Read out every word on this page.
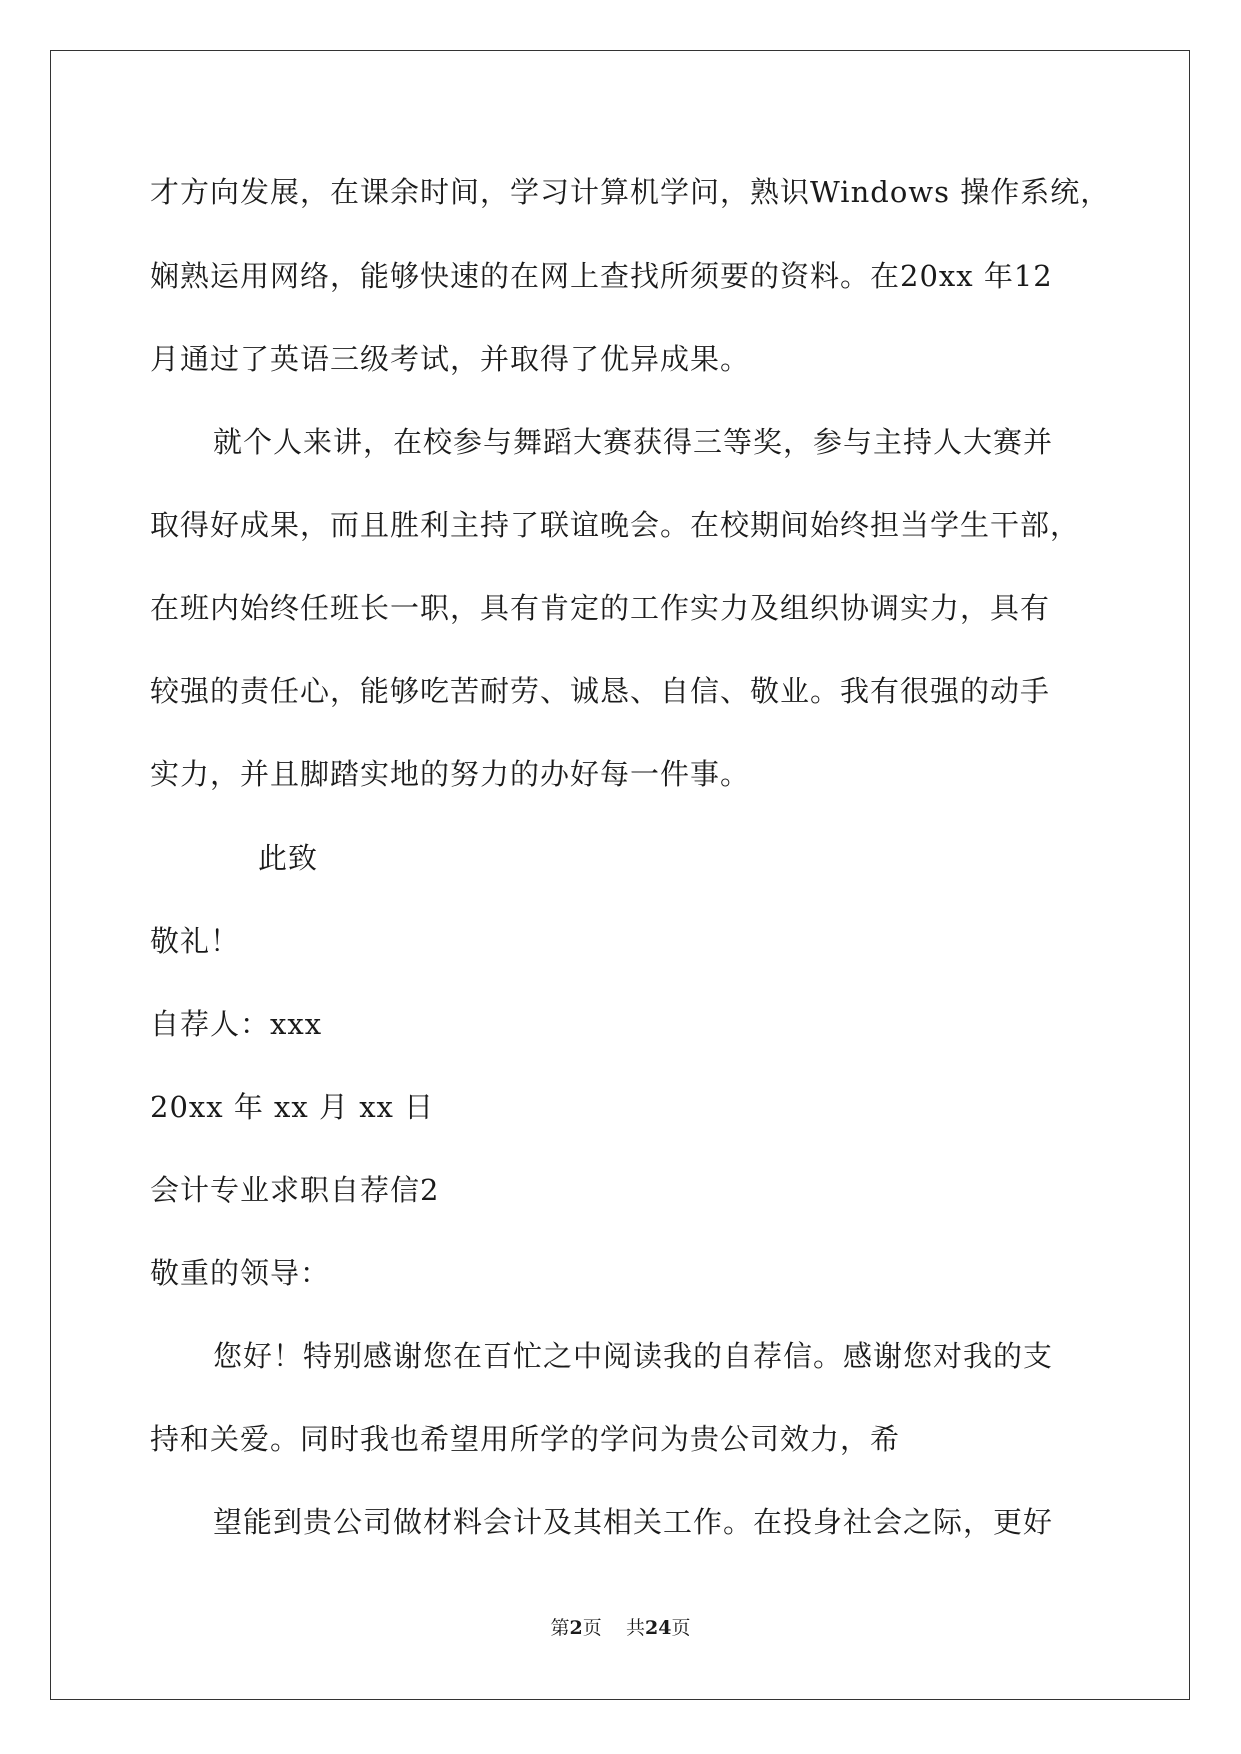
才方向发展，在课余时间，学习计算机学问，熟识Windows 操作系统，
娴熟运用网络，能够快速的在网上查找所须要的资料。在20xx 年12
月通过了英语三级考试，并取得了优异成果。
就个人来讲，在校参与舞蹈大赛获得三等奖，参与主持人大赛并
取得好成果，而且胜利主持了联谊晚会。在校期间始终担当学生干部，
在班内始终任班长一职，具有肯定的工作实力及组织协调实力，具有
较强的责任心，能够吃苦耐劳、诚恳、自信、敬业。我有很强的动手
实力，并且脚踏实地的努力的办好每一件事。
此致
敬礼！
自荐人：xxx
20xx 年 xx 月 xx 日
会计专业求职自荐信2
敬重的领导：
您好！特别感谢您在百忙之中阅读我的自荐信。感谢您对我的支
持和关爱。同时我也希望用所学的学问为贵公司效力，希
望能到贵公司做材料会计及其相关工作。在投身社会之际，更好
第2页 共24页
